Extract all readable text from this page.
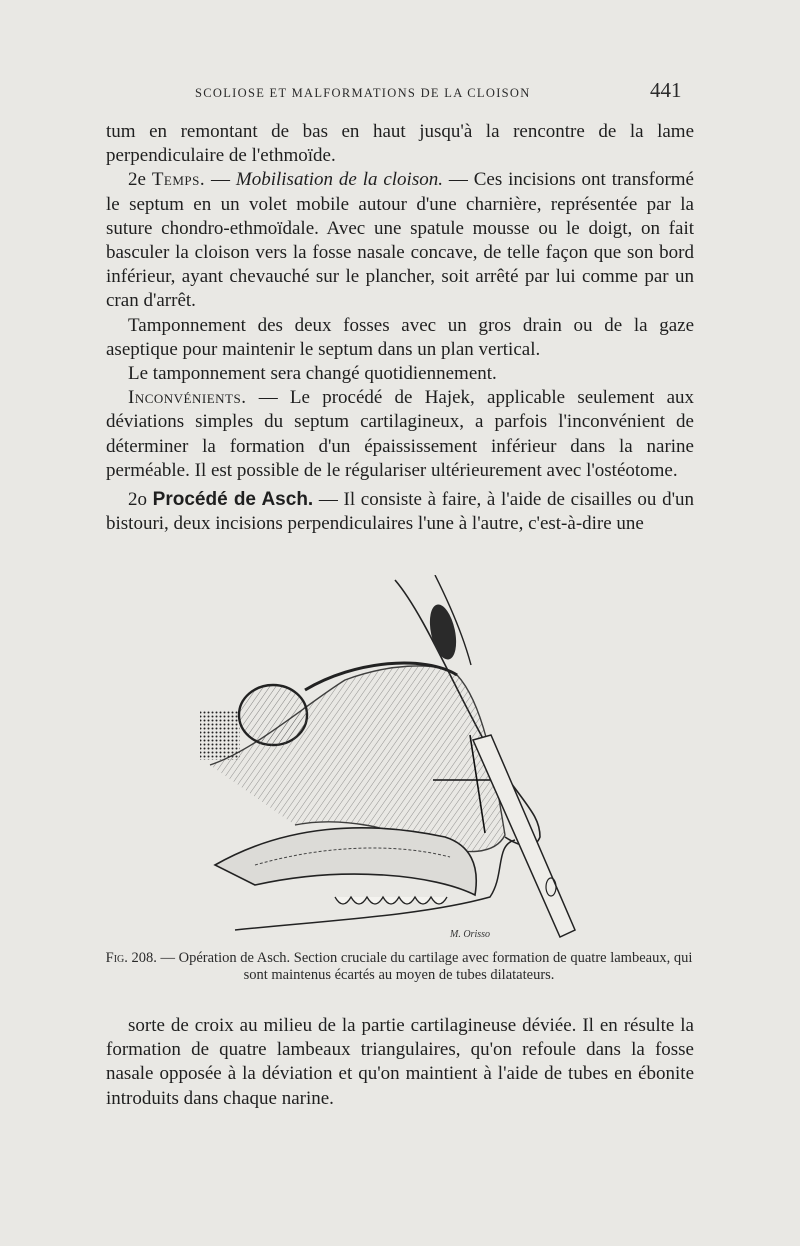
SCOLIOSE ET MALFORMATIONS DE LA CLOISON	441

tum en remontant de bas en haut jusqu'à la rencontre de la lame perpendiculaire de l'ethmoïde.

2e Temps. — Mobilisation de la cloison. — Ces incisions ont transformé le septum en un volet mobile autour d'une charnière, représentée par la suture chondro-ethmoïdale. Avec une spatule mousse ou le doigt, on fait basculer la cloison vers la fosse nasale concave, de telle façon que son bord inférieur, ayant chevauché sur le plancher, soit arrêté par lui comme par un cran d'arrêt.

Tamponnement des deux fosses avec un gros drain ou de la gaze aseptique pour maintenir le septum dans un plan vertical.

Le tamponnement sera changé quotidiennement.

Inconvénients. — Le procédé de Hajek, applicable seulement aux déviations simples du septum cartilagineux, a parfois l'inconvénient de déterminer la formation d'un épaississement inférieur dans la narine perméable. Il est possible de le régulariser ultérieurement avec l'ostéotome.

2o Procédé de Asch. — Il consiste à faire, à l'aide de cisailles ou d'un bistouri, deux incisions perpendiculaires l'une à l'autre, c'est-à-dire une

M. Orisso
Fig. 208. — Opération de Asch. Section cruciale du cartilage avec formation de quatre lambeaux, qui sont maintenus écartés au moyen de tubes dilatateurs.

sorte de croix au milieu de la partie cartilagineuse déviée. Il en résulte la formation de quatre lambeaux triangulaires, qu'on refoule dans la fosse nasale opposée à la déviation et qu'on maintient à l'aide de tubes en ébonite introduits dans chaque narine.
